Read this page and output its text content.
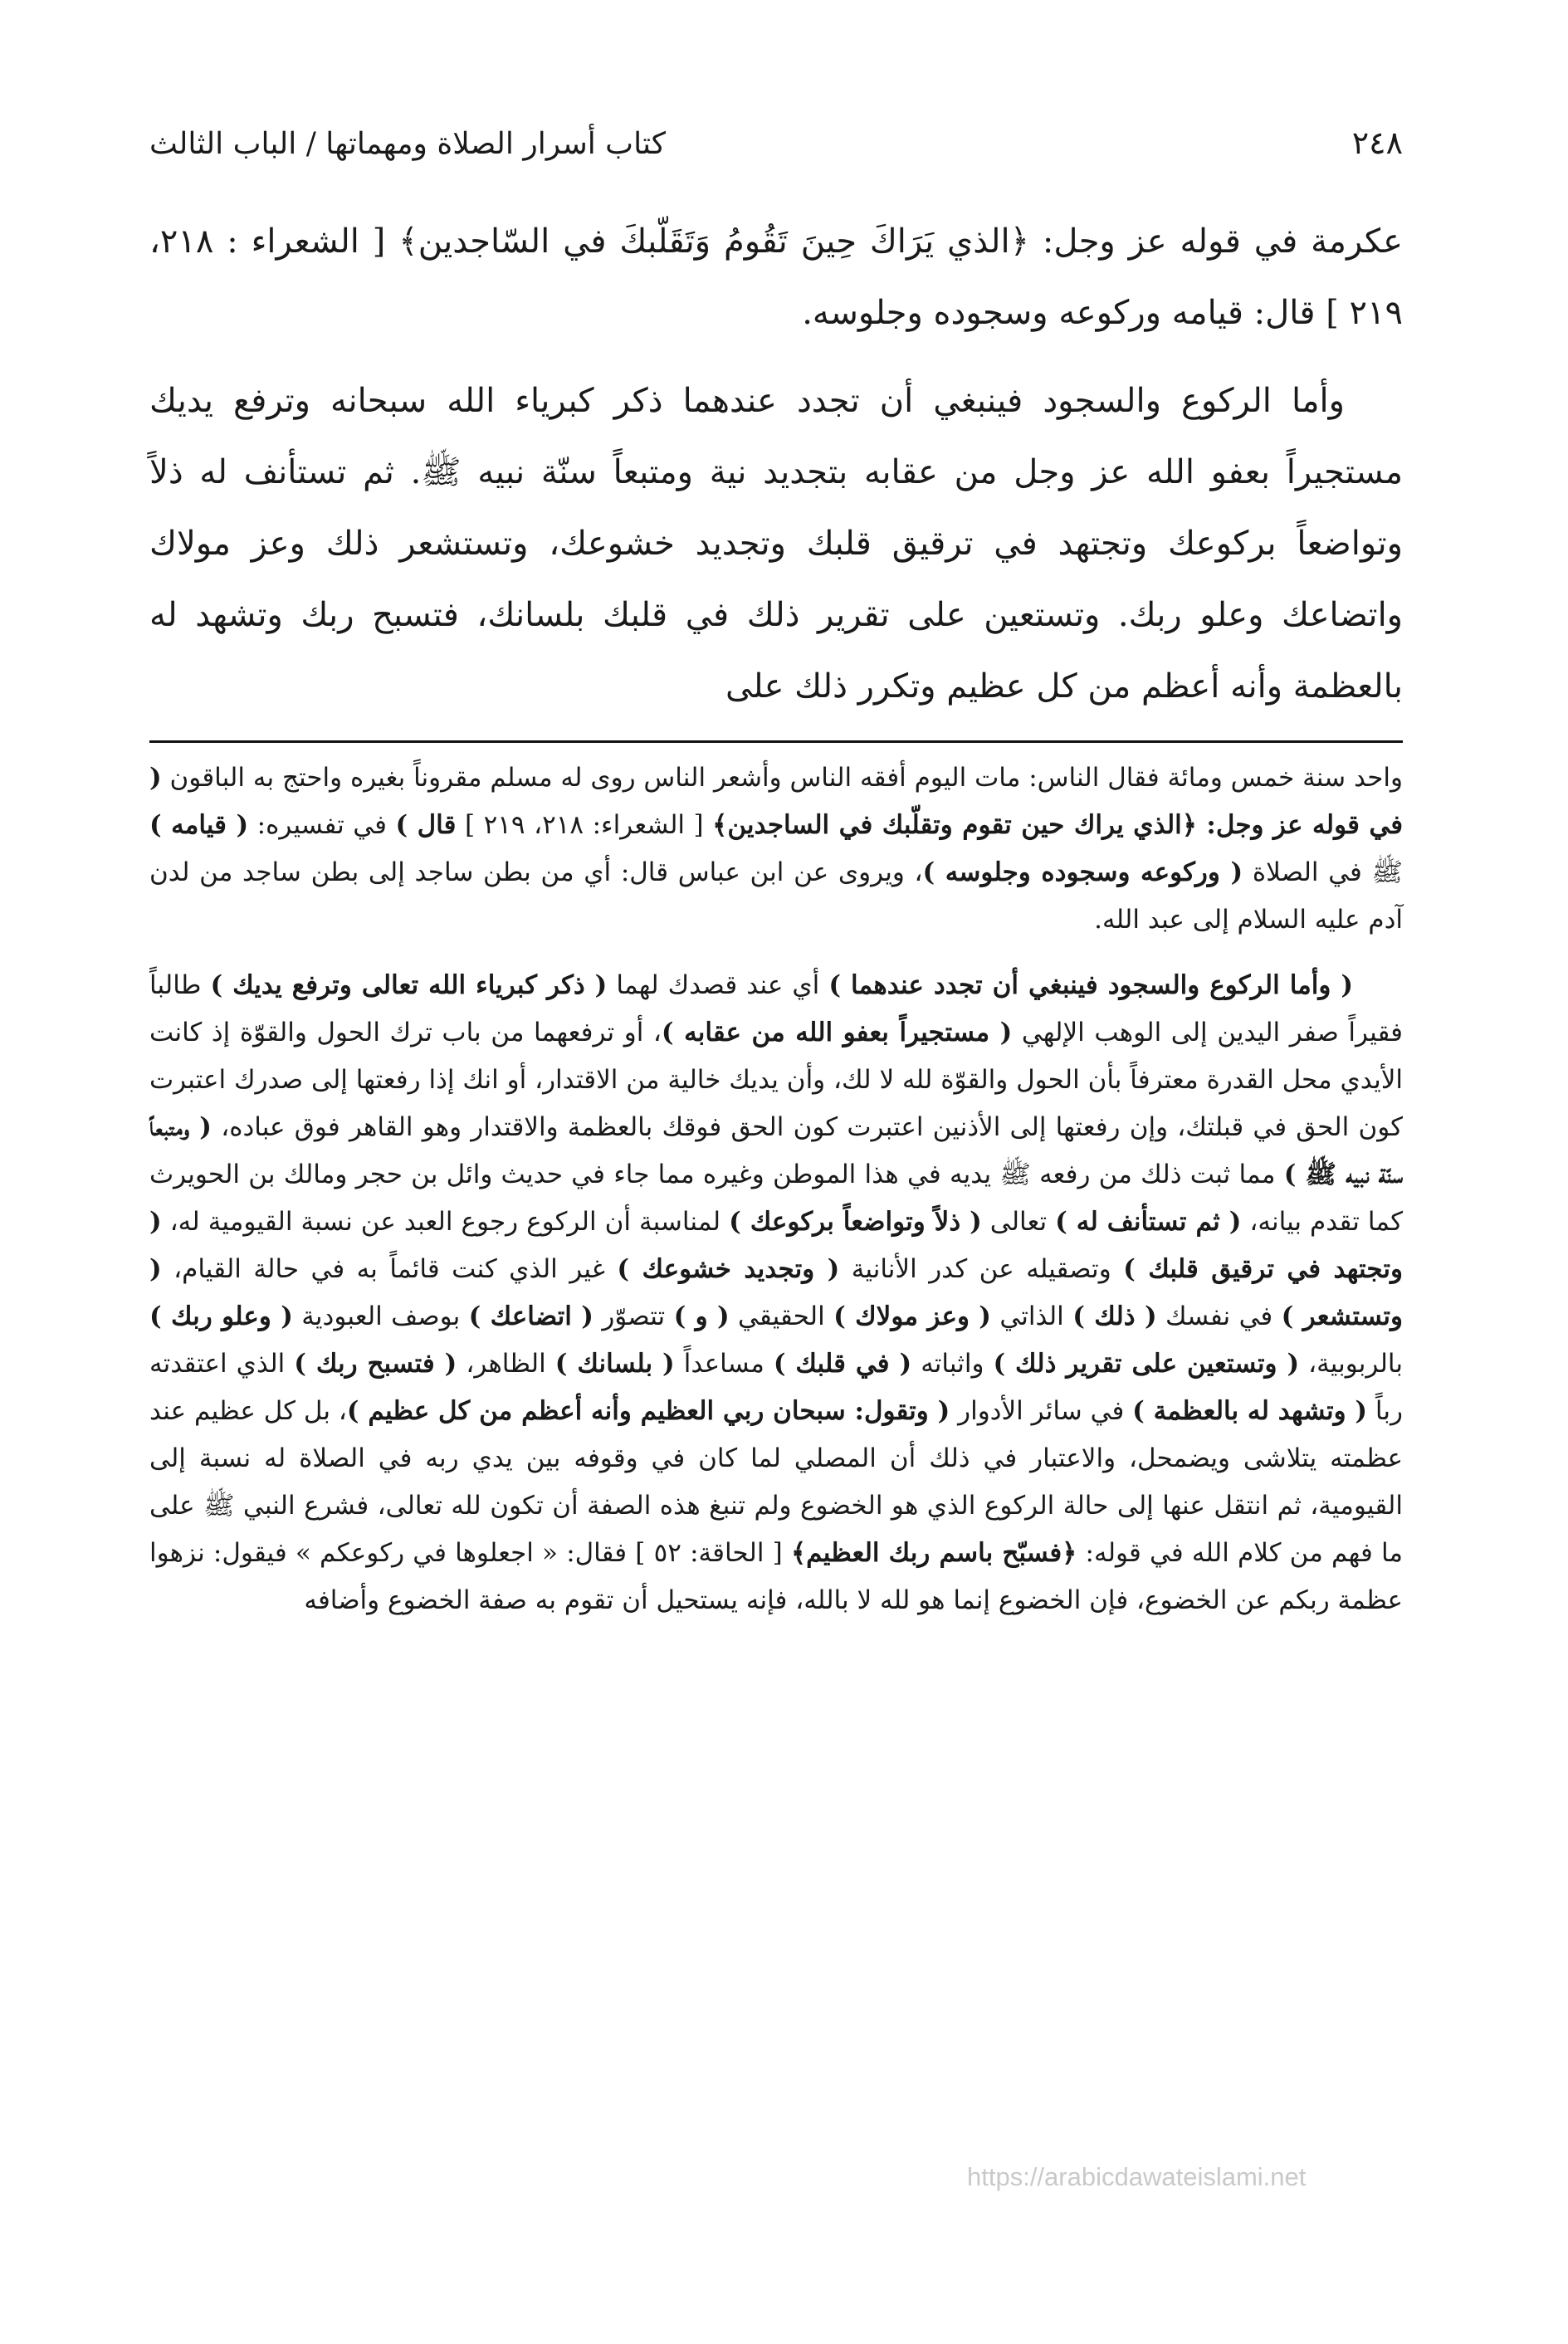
٢٤٨
كتاب أسرار الصلاة ومهماتها / الباب الثالث

عكرمة في قوله عز وجل: ﴿الذي يَرَاكَ حِينَ تَقُومُ وَتَقَلّبكَ في السّاجدين﴾ [ الشعراء : ٢١٨، ٢١٩ ] قال: قيامه وركوعه وسجوده وجلوسه.

وأما الركوع والسجود فينبغي أن تجدد عندهما ذكر كبرياء الله سبحانه وترفع يديك مستجيراً بعفو الله عز وجل من عقابه بتجديد نية ومتبعاً سنّة نبيه ﷺ. ثم تستأنف له ذلاً وتواضعاً بركوعك وتجتهد في ترقيق قلبك وتجديد خشوعك، وتستشعر ذلك وعز مولاك واتضاعك وعلو ربك. وتستعين على تقرير ذلك في قلبك بلسانك، فتسبح ربك وتشهد له بالعظمة وأنه أعظم من كل عظيم وتكرر ذلك على

واحد سنة خمس ومائة فقال الناس: مات اليوم أفقه الناس وأشعر الناس روى له مسلم مقروناً بغيره واحتج به الباقون ( في قوله عز وجل: ﴿الذي يراك حين تقوم وتقلّبك في الساجدين﴾ [ الشعراء: ٢١٨، ٢١٩ ] قال ) في تفسيره: ( قيامه ) ﷺ في الصلاة ( وركوعه وسجوده وجلوسه )، ويروى عن ابن عباس قال: أي من بطن ساجد إلى بطن ساجد من لدن آدم عليه السلام إلى عبد الله.

( وأما الركوع والسجود فينبغي أن تجدد عندهما ) أي عند قصدك لهما ( ذكر كبرياء الله تعالى وترفع يديك ) طالباً فقيراً صفر اليدين إلى الوهب الإلهي ( مستجيراً بعفو الله من عقابه )، أو ترفعهما من باب ترك الحول والقوّة إذ كانت الأيدي محل القدرة معترفاً بأن الحول والقوّة لله لا لك، وأن يديك خالية من الاقتدار، أو انك إذا رفعتها إلى صدرك اعتبرت كون الحق في قبلتك، وإن رفعتها إلى الأذنين اعتبرت كون الحق فوقك بالعظمة والاقتدار وهو القاهر فوق عباده، ( ومتبعاً سنّة نبيه ﷺ ) مما ثبت ذلك من رفعه ﷺ يديه في هذا الموطن وغيره مما جاء في حديث وائل بن حجر ومالك بن الحويرث كما تقدم بيانه، ( ثم تستأنف له ) تعالى ( ذلاً وتواضعاً بركوعك ) لمناسبة أن الركوع رجوع العبد عن نسبة القيومية له، ( وتجتهد في ترقيق قلبك ) وتصقيله عن كدر الأنانية ( وتجديد خشوعك ) غير الذي كنت قائماً به في حالة القيام، ( وتستشعر ) في نفسك ( ذلك ) الذاتي ( وعز مولاك ) الحقيقي ( و ) تتصوّر ( اتضاعك ) بوصف العبودية ( وعلو ربك ) بالربوبية، ( وتستعين على تقرير ذلك ) واثباته ( في قلبك ) مساعداً ( بلسانك ) الظاهر، ( فتسبح ربك ) الذي اعتقدته رباً ( وتشهد له بالعظمة ) في سائر الأدوار ( وتقول: سبحان ربي العظيم وأنه أعظم من كل عظيم )، بل كل عظيم عند عظمته يتلاشى ويضمحل، والاعتبار في ذلك أن المصلي لما كان في وقوفه بين يدي ربه في الصلاة له نسبة إلى القيومية، ثم انتقل عنها إلى حالة الركوع الذي هو الخضوع ولم تنبغ هذه الصفة أن تكون لله تعالى، فشرع النبي ﷺ على ما فهم من كلام الله في قوله: ﴿فسبّح باسم ربك العظيم﴾ [ الحاقة: ٥٢ ] فقال: « اجعلوها في ركوعكم » فيقول: نزهوا عظمة ربكم عن الخضوع، فإن الخضوع إنما هو لله لا بالله، فإنه يستحيل أن تقوم به صفة الخضوع وأضافه

https://arabicdawateislami.net
